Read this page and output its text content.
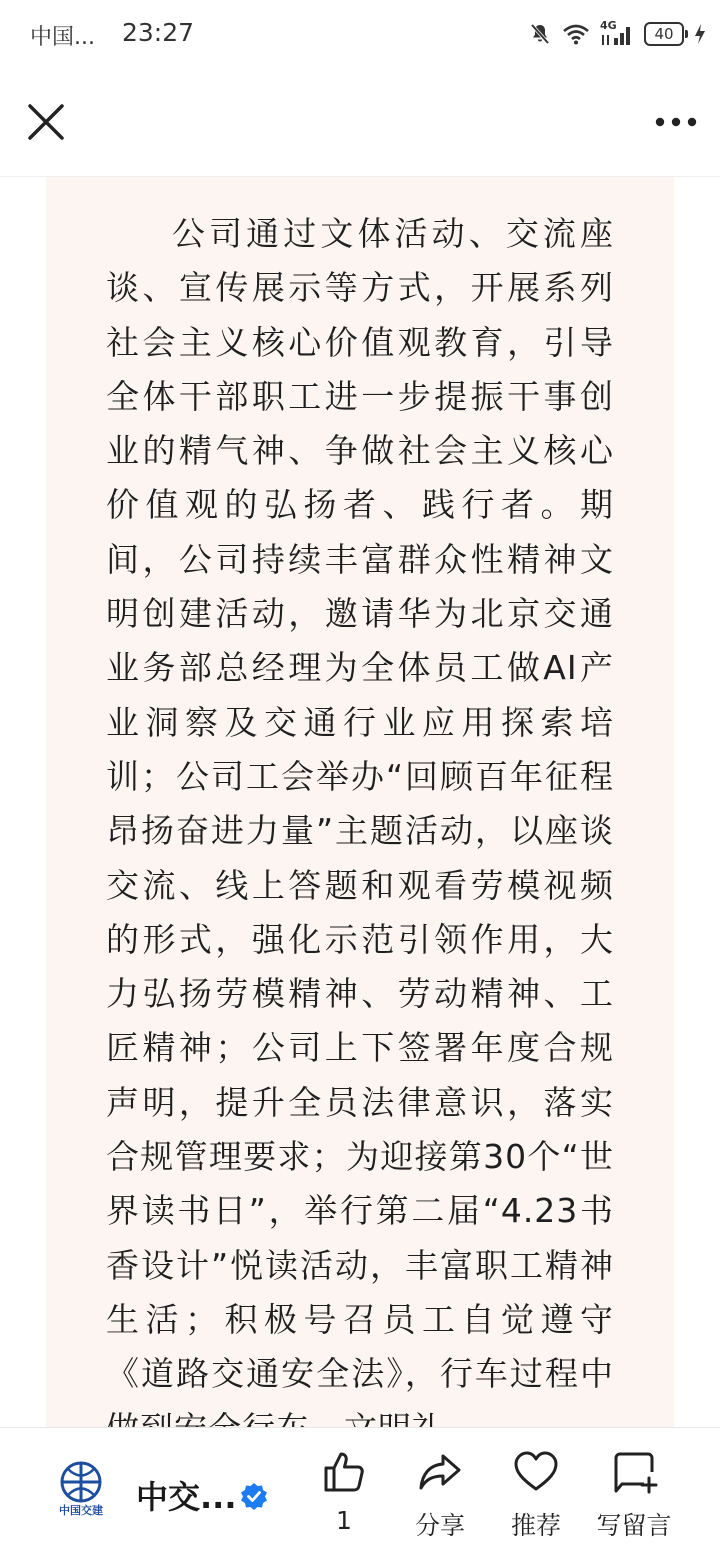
中国... 23:27	4G	40

公司通过文体活动、交流座谈、宣传展示等方式，开展系列社会主义核心价值观教育，引导全体干部职工进一步提振干事创业的精气神、争做社会主义核心价值观的弘扬者、践行者。期间，公司持续丰富群众性精神文明创建活动，邀请华为北京交通业务部总经理为全体员工做AI产业洞察及交通行业应用探索培训；公司工会举办“回顾百年征程 昂扬奋进力量”主题活动，以座谈交流、线上答题和观看劳模视频的形式，强化示范引领作用，大力弘扬劳模精神、劳动精神、工匠精神；公司上下签署年度合规声明，提升全员法律意识，落实合规管理要求；为迎接第30个“世界读书日”，举行第二届“4.23书香设计”悦读活动，丰富职工精神生活；积极号召员工自觉遵守《道路交通安全法》，行车过程中

中国交建	中交...
1	分享	推荐	写留言
